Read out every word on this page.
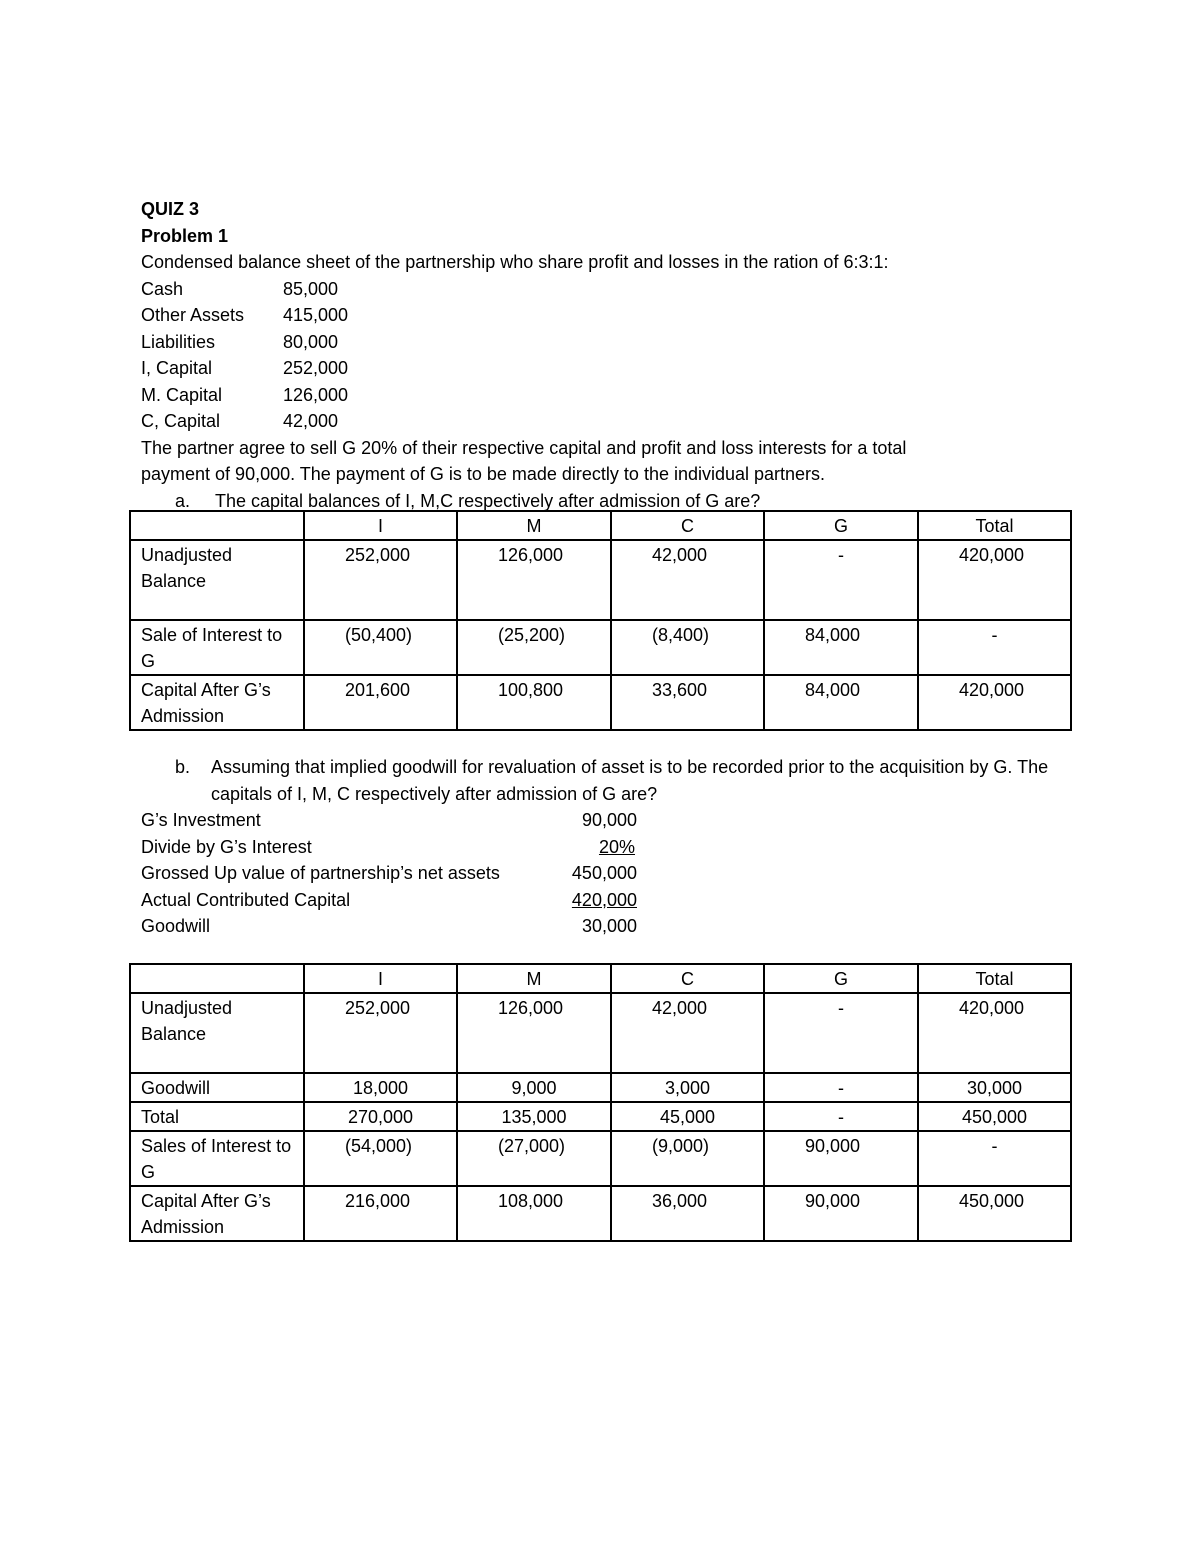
QUIZ 3
Problem 1
Condensed balance sheet of the partnership who share profit and losses in the ration of 6:3:1:
Cash	85,000
Other Assets	415,000
Liabilities	80,000
I, Capital	252,000
M. Capital	126,000
C, Capital	42,000
The partner agree to sell G 20% of their respective capital and profit and loss interests for a total
payment of 90,000. The payment of G is to be made directly to the individual partners.
a.	The capital balances of I, M,C respectively after admission of G are?
	I	M	C	G	Total
Unadjusted Balance	252,000	126,000	42,000	-	420,000
Sale of Interest to G	(50,400)	(25,200)	(8,400)	84,000	-
Capital After G’s Admission	201,600	100,800	33,600	84,000	420,000
b.	Assuming that implied goodwill for revaluation of asset is to be recorded prior to the acquisition by G. The capitals of I, M, C respectively after admission of G are?
G’s Investment	90,000
Divide by G’s Interest	20%
Grossed Up value of partnership’s net assets	450,000
Actual Contributed Capital	420,000
Goodwill	30,000
	I	M	C	G	Total
Unadjusted Balance	252,000	126,000	42,000	-	420,000
Goodwill	18,000	9,000	3,000	-	30,000
Total	270,000	135,000	45,000	-	450,000
Sales of Interest to G	(54,000)	(27,000)	(9,000)	90,000	-
Capital After G’s Admission	216,000	108,000	36,000	90,000	450,000
